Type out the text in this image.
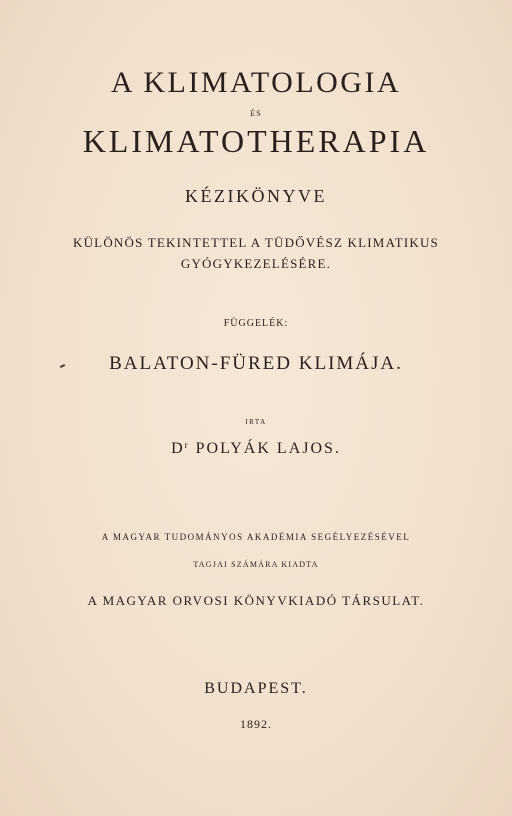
A KLIMATOLOGIA
ÉS
KLIMATOTHERAPIA
KÉZIKÖNYVE
KÜLÖNÖS TEKINTETTEL A TÜDŐVÉSZ KLIMATIKUS
GYÓGYKEZELÉSÉRE.
FÜGGELÉK:
BALATON-FÜRED KLIMÁJA.
IRTA
$D^r$ POLYÁK LAJOS.
A MAGYAR TUDOMÁNYOS AKADÉMIA SEGÉLYEZÉSÉVEL
TAGJAI SZÁMÁRA KIADTA
A MAGYAR ORVOSI KÖNYVKIADÓ TÁRSULAT.
BUDAPEST.
1892.
